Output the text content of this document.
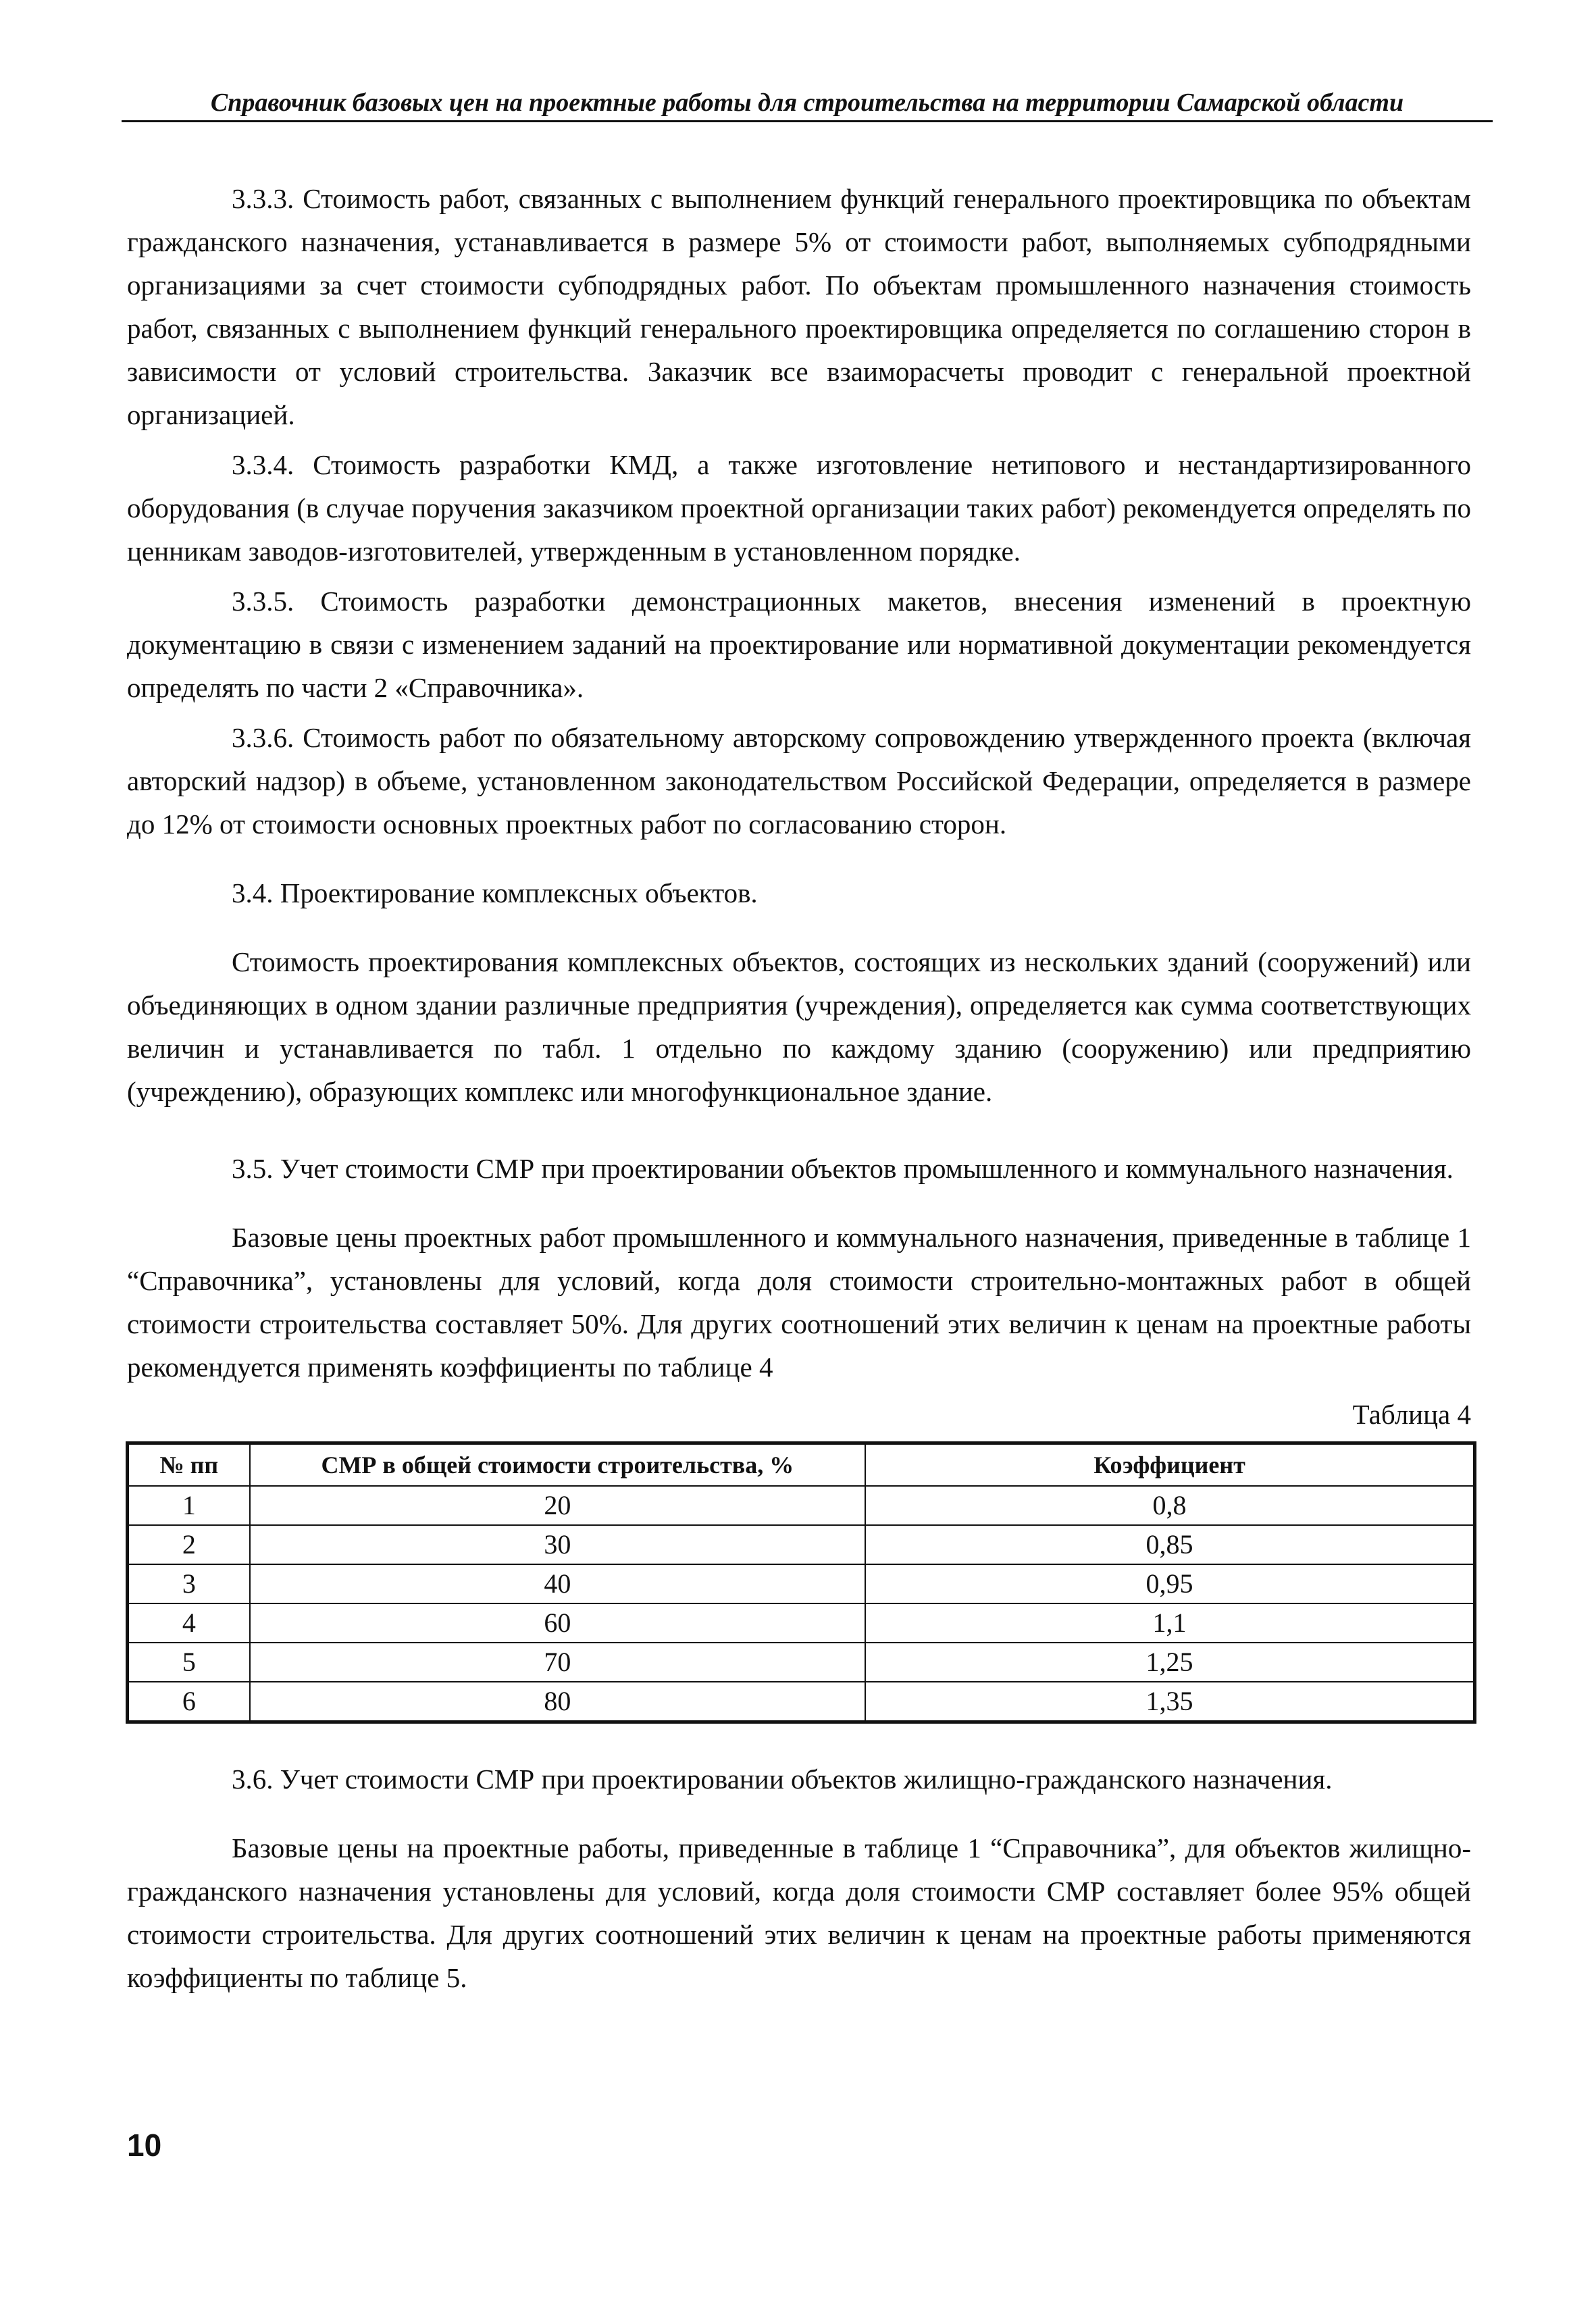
Справочник базовых цен на проектные работы для строительства на территории Самарской области

3.3.3. Стоимость работ, связанных с выполнением функций генерального проектировщика по объектам гражданского назначения, устанавливается в размере 5% от стоимости работ, выполняемых субподрядными организациями за счет стоимости субподрядных работ. По объектам промышленного назначения стоимость работ, связанных с выполнением функций генерального проектировщика определяется по соглашению сторон в зависимости от условий строительства. Заказчик все взаиморасчеты проводит с генеральной проектной организацией.

3.3.4. Стоимость разработки КМД, а также изготовление нетипового и нестандартизированного оборудования (в случае поручения заказчиком проектной организации таких работ) рекомендуется определять по ценникам заводов-изготовителей, утвержденным в установленном порядке.

3.3.5. Стоимость разработки демонстрационных макетов, внесения изменений в проектную документацию в связи с изменением заданий на проектирование или нормативной документации рекомендуется определять по части 2 «Справочника».

3.3.6. Стоимость работ по обязательному авторскому сопровождению утвержденного проекта (включая авторский надзор) в объеме, установленном законодательством Российской Федерации, определяется в размере до 12% от стоимости основных проектных работ по согласованию сторон.

3.4. Проектирование комплексных объектов.

Стоимость проектирования комплексных объектов, состоящих из нескольких зданий (сооружений) или объединяющих в одном здании различные предприятия (учреждения), определяется как сумма соответствующих величин и устанавливается по табл. 1 отдельно по каждому зданию (сооружению) или предприятию (учреждению), образующих комплекс или многофункциональное здание.

3.5. Учет стоимости СМР при проектировании объектов промышленного и коммунального назначения.

Базовые цены проектных работ промышленного и коммунального назначения, приведенные в таблице 1 “Справочника”, установлены для условий, когда доля стоимости строительно-монтажных работ в общей стоимости строительства составляет 50%. Для других соотношений этих величин к ценам на проектные работы рекомендуется применять коэффициенты по таблице 4

Таблица 4
№ пп	СМР в общей стоимости строительства, %	Коэффициент
1	20	0,8
2	30	0,85
3	40	0,95
4	60	1,1
5	70	1,25
6	80	1,35

3.6. Учет стоимости СМР при проектировании объектов жилищно-гражданского назначения.

Базовые цены на проектные работы, приведенные в таблице 1 “Справочника”, для объектов жилищно-гражданского назначения установлены для условий, когда доля стоимости СМР составляет более 95% общей стоимости строительства. Для других соотношений этих величин к ценам на проектные работы применяются коэффициенты по таблице 5.

10
